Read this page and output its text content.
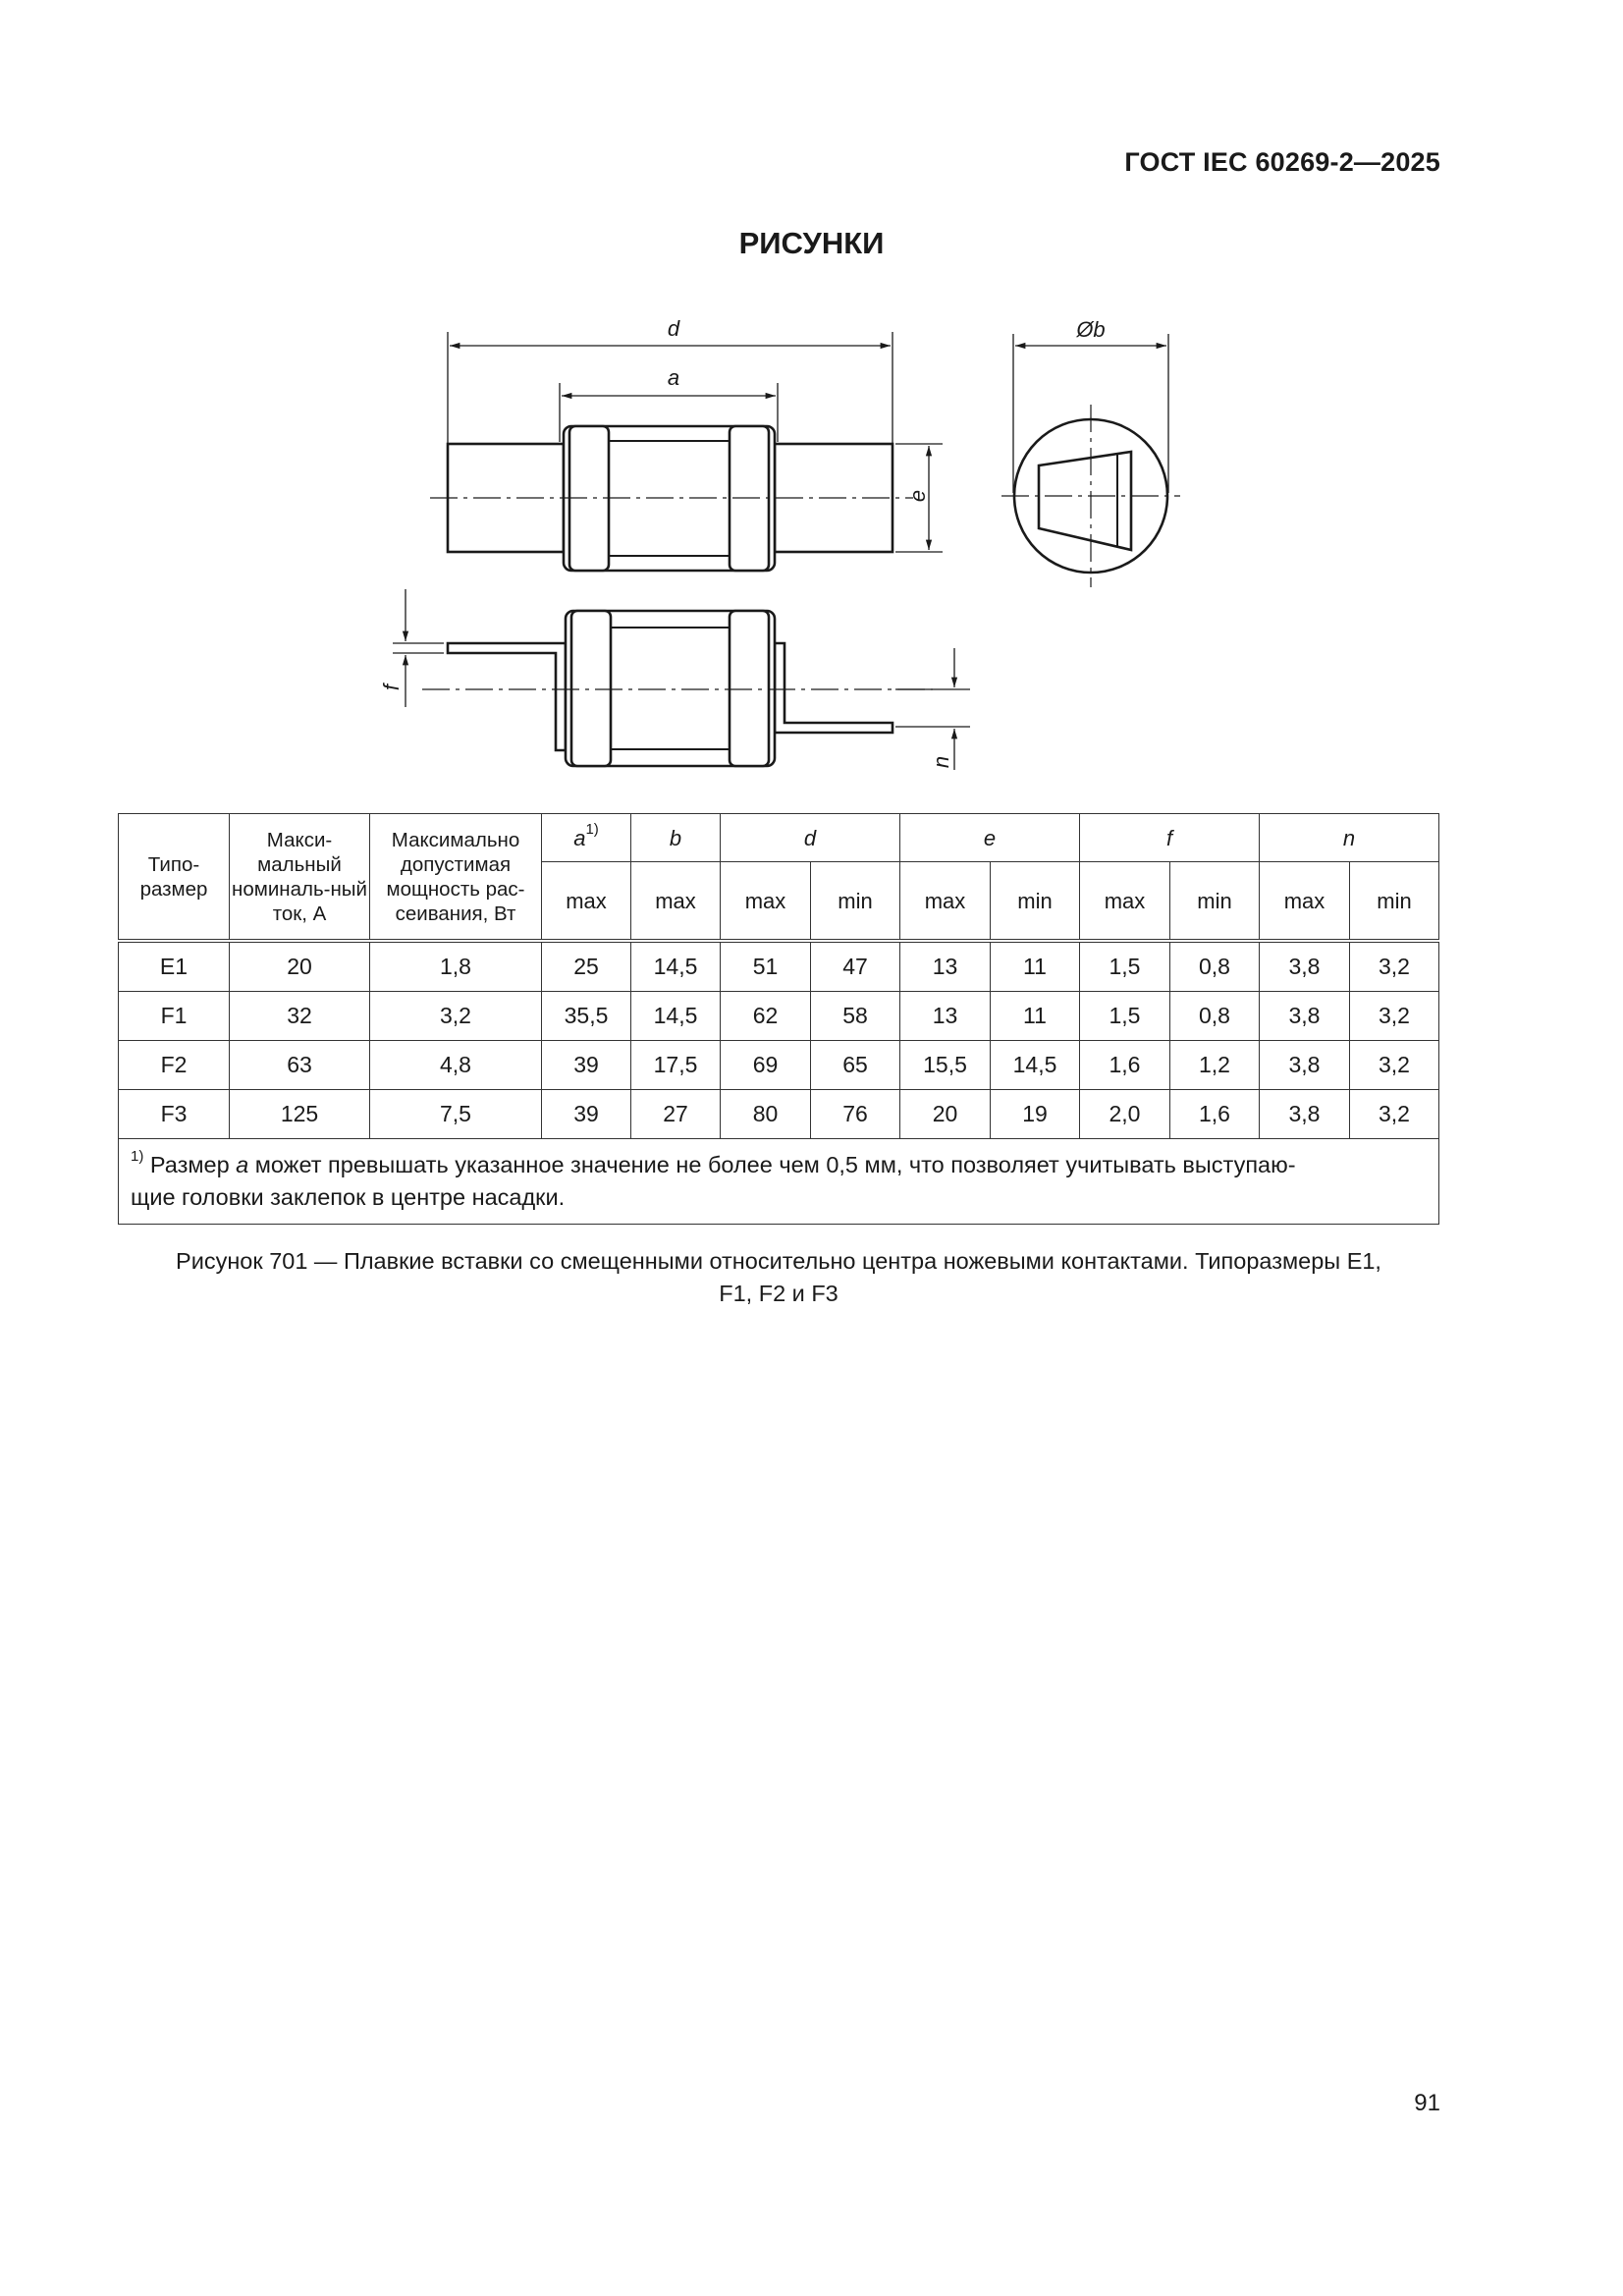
ГОСТ IEC 60269-2—2025
РИСУНКИ
d
a
e
Øb
f
n
Типо-размер	Макси-мальный номиналь-ный ток, А	Максимально допустимая мощность рас-сеивания, Вт	$a^{1)}$	b	d		e		f		n	
			max	max	max	min	max	min	max	min	max	min
E1	20	1,8	25	14,5	51	47	13	11	1,5	0,8	3,8	3,2
F1	32	3,2	35,5	14,5	62	58	13	11	1,5	0,8	3,8	3,2
F2	63	4,8	39	17,5	69	65	15,5	14,5	1,6	1,2	3,8	3,2
F3	125	7,5	39	27	80	76	20	19	2,0	1,6	3,8	3,2
$^{1)}$ Размер a может превышать указанное значение не более чем 0,5 мм, что позволяет учитывать выступаю-
щие головки заклепок в центре насадки.												
Рисунок 701 — Плавкие вставки со смещенными относительно центра ножевыми контактами. Типоразмеры E1,
F1, F2 и F3
91
